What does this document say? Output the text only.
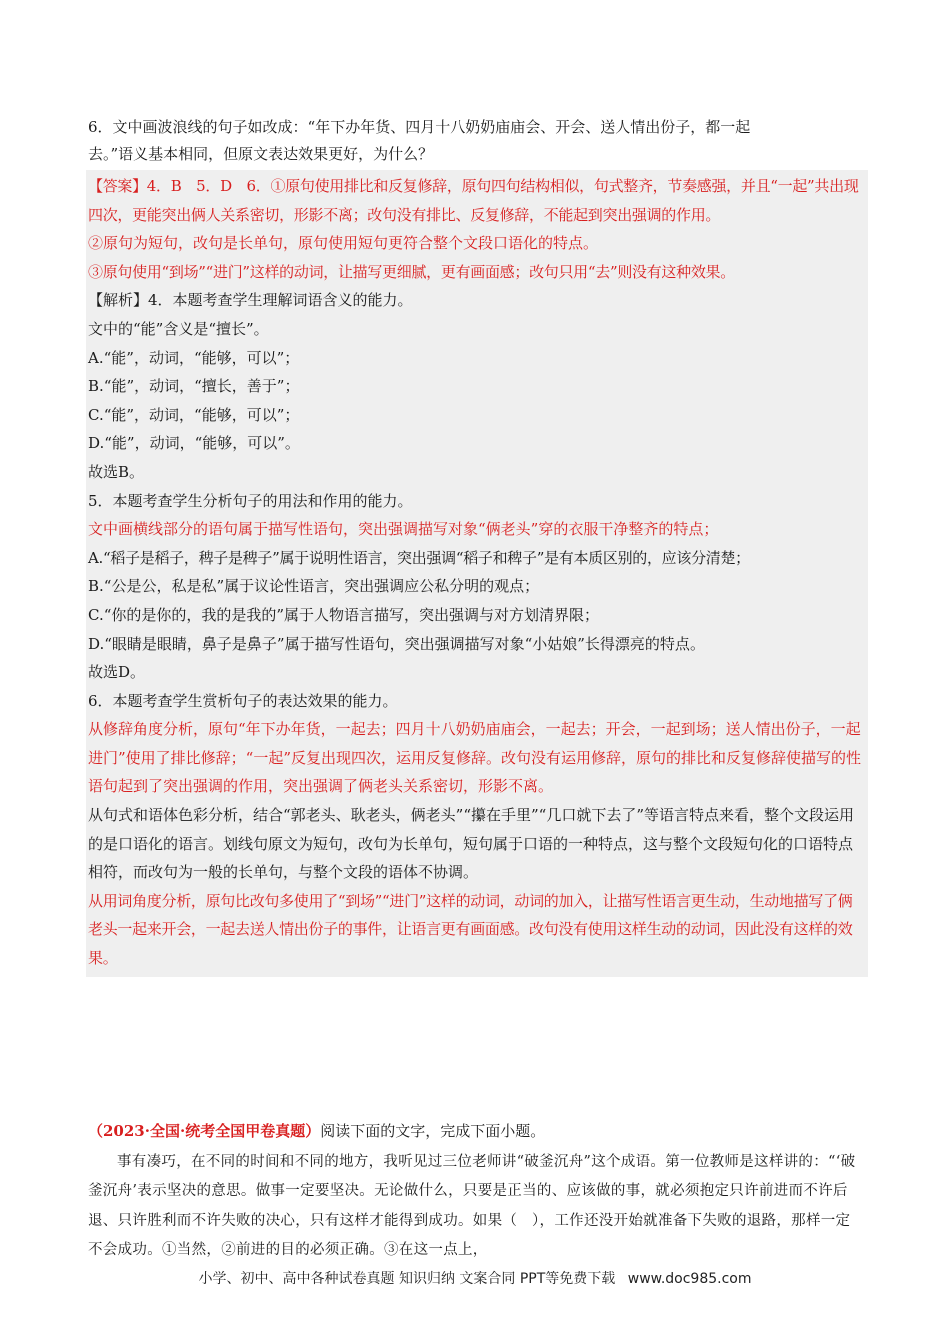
6．文中画波浪线的句子如改成：“年下办年货、四月十八奶奶庙庙会、开会、送人情出份子，都一起
去。”语义基本相同，但原文表达效果更好，为什么？

【答案】4．B　5．D　6．①原句使用排比和反复修辞，原句四句结构相似，句式整齐，节奏感强，并且“一起”共出现四次，更能突出俩人关系密切，形影不离；改句没有排比、反复修辞，不能起到突出强调的作用。

②原句为短句，改句是长单句，原句使用短句更符合整个文段口语化的特点。

③原句使用“到场”“进门”这样的动词，让描写更细腻，更有画面感；改句只用“去”则没有这种效果。

【解析】4．本题考查学生理解词语含义的能力。

文中的“能”含义是“擅长”。

A.“能”，动词，“能够，可以”；

B.“能”，动词，“擅长，善于”；

C.“能”，动词，“能够，可以”；

D.“能”，动词，“能够，可以”。

故选B。

5．本题考查学生分析句子的用法和作用的能力。

文中画横线部分的语句属于描写性语句，突出强调描写对象“俩老头”穿的衣服干净整齐的特点；

A.“稻子是稻子，稗子是稗子”属于说明性语言，突出强调“稻子和稗子”是有本质区别的，应该分清楚；

B.“公是公，私是私”属于议论性语言，突出强调应公私分明的观点；

C.“你的是你的，我的是我的”属于人物语言描写，突出强调与对方划清界限；

D.“眼睛是眼睛，鼻子是鼻子”属于描写性语句，突出强调描写对象“小姑娘”长得漂亮的特点。

故选D。

6．本题考查学生赏析句子的表达效果的能力。

从修辞角度分析，原句“年下办年货，一起去；四月十八奶奶庙庙会，一起去；开会，一起到场；送人情出份子，一起进门”使用了排比修辞；“一起”反复出现四次，运用反复修辞。改句没有运用修辞，原句的排比和反复修辞使描写的性语句起到了突出强调的作用，突出强调了俩老头关系密切，形影不离。

从句式和语体色彩分析，结合“郭老头、耿老头，俩老头”“攥在手里”“几口就下去了”等语言特点来看，整个文段运用的是口语化的语言。划线句原文为短句，改句为长单句，短句属于口语的一种特点，这与整个文段短句化的口语特点相符，而改句为一般的长单句，与整个文段的语体不协调。

从用词角度分析，原句比改句多使用了“到场”“进门”这样的动词，动词的加入，让描写性语言更生动，生动地描写了俩老头一起来开会，一起去送人情出份子的事件，让语言更有画面感。改句没有使用这样生动的动词，因此没有这样的效果。

（2023·全国·统考全国甲卷真题）阅读下面的文字，完成下面小题。

事有凑巧，在不同的时间和不同的地方，我听见过三位老师讲“破釜沉舟”这个成语。第一位教师是这样讲的：“‘破釜沉舟’表示坚决的意思。做事一定要坚决。无论做什么，只要是正当的、应该做的事，就必须抱定只许前进而不许后退、只许胜利而不许失败的决心，只有这样才能得到成功。如果（　），工作还没开始就准备下失败的退路，那样一定不会成功。①当然，②前进的目的必须正确。③在这一点上，

小学、初中、高中各种试卷真题 知识归纳 文案合同 PPT等免费下载 www.doc985.com
